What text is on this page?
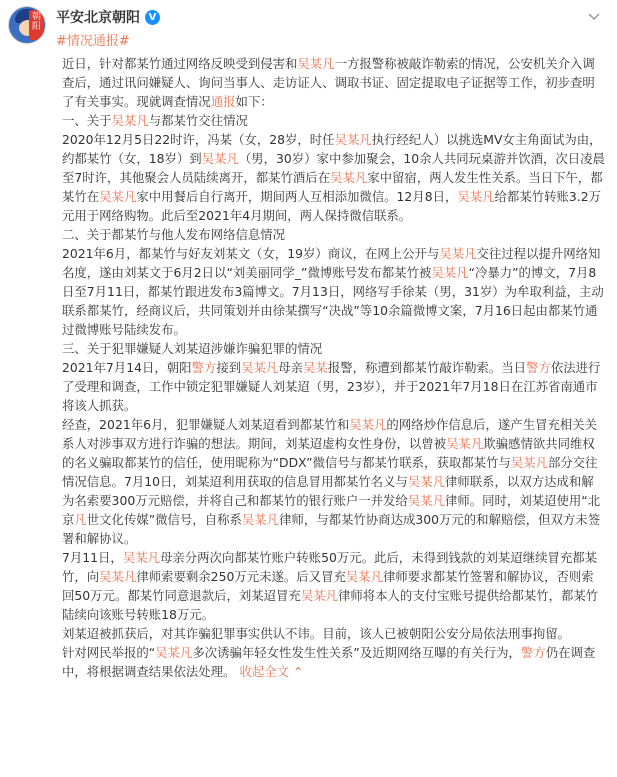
朝阳
平安北京朝阳 V
#情况通报#
近日，针对都某竹通过网络反映受到侵害和吴某凡一方报警称被敲诈勒索的情况，公安机关介入调查后，通过讯问嫌疑人、询问当事人、走访证人、调取书证、固定提取电子证据等工作，初步查明了有关事实。现就调查情况通报如下：
一、关于吴某凡与都某竹交往情况
2020年12月5日22时许，冯某（女，28岁，时任吴某凡执行经纪人）以挑选MV女主角面试为由，约都某竹（女，18岁）到吴某凡（男，30岁）家中参加聚会，10余人共同玩桌游并饮酒，次日凌晨至7时许，其他聚会人员陆续离开，都某竹酒后在吴某凡家中留宿，两人发生性关系。当日下午，都某竹在吴某凡家中用餐后自行离开，期间两人互相添加微信。12月8日，吴某凡给都某竹转账3.2万元用于网络购物。此后至2021年4月期间，两人保持微信联系。
二、关于都某竹与他人发布网络信息情况
2021年6月，都某竹与好友刘某文（女，19岁）商议，在网上公开与吴某凡交往过程以提升网络知名度，遂由刘某文于6月2日以“刘美丽同学_”微博账号发布都某竹被吴某凡“冷暴力”的博文，7月8日至7月11日，都某竹跟进发布3篇博文。7月13日，网络写手徐某（男，31岁）为牟取利益，主动联系都某竹，经商议后，共同策划并由徐某撰写“决战”等10余篇微博文案，7月16日起由都某竹通过微博账号陆续发布。
三、关于犯罪嫌疑人刘某迢涉嫌诈骗犯罪的情况
2021年7月14日，朝阳警方接到吴某凡母亲吴某报警，称遭到都某竹敲诈勒索。当日警方依法进行了受理和调查，工作中锁定犯罪嫌疑人刘某迢（男，23岁），并于2021年7月18日在江苏省南通市将该人抓获。
经查，2021年6月，犯罪嫌疑人刘某迢看到都某竹和吴某凡的网络炒作信息后，遂产生冒充相关关系人对涉事双方进行诈骗的想法。期间，刘某迢虚构女性身份，以曾被吴某凡欺骗感情欲共同维权的名义骗取都某竹的信任，使用昵称为“DDX”微信号与都某竹联系，获取都某竹与吴某凡部分交往情况信息。7月10日，刘某迢利用获取的信息冒用都某竹名义与吴某凡律师联系，以双方达成和解为名索要300万元赔偿，并将自己和都某竹的银行账户一并发给吴某凡律师。同时，刘某迢使用“北京凡世文化传媒”微信号，自称系吴某凡律师，与都某竹协商达成300万元的和解赔偿，但双方未签署和解协议。
7月11日，吴某凡母亲分两次向都某竹账户转账50万元。此后，未得到钱款的刘某迢继续冒充都某竹，向吴某凡律师索要剩余250万元未遂。后又冒充吴某凡律师要求都某竹签署和解协议，否则索回50万元。都某竹同意退款后，刘某迢冒充吴某凡律师将本人的支付宝账号提供给都某竹，都某竹陆续向该账号转账18万元。
刘某迢被抓获后，对其诈骗犯罪事实供认不讳。目前，该人已被朝阳公安分局依法刑事拘留。
针对网民举报的“吴某凡多次诱骗年轻女性发生性关系”及近期网络互曝的有关行为，警方仍在调查中，将根据调查结果依法处理。 收起全文 ⌃
